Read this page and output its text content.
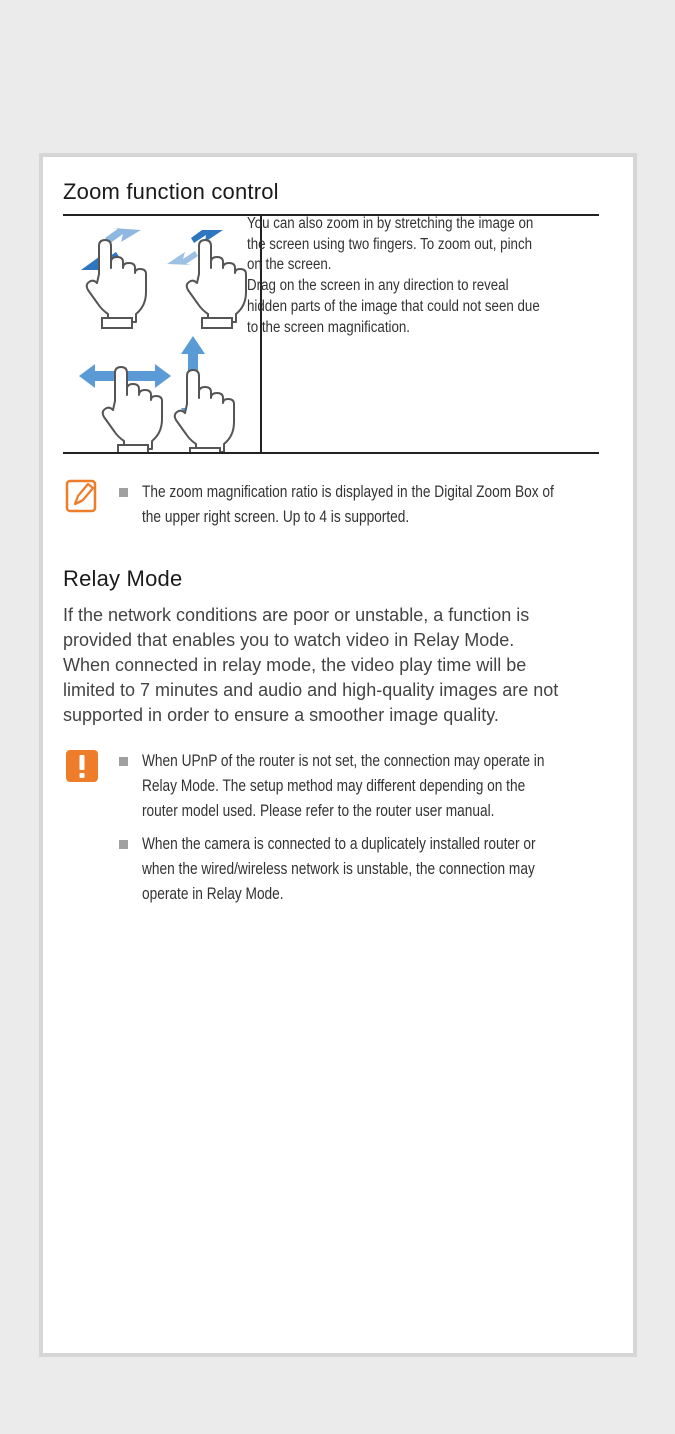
Zoom function control
You can also zoom in by stretching the image on
the screen using two fingers. To zoom out, pinch
on the screen.
Drag on the screen in any direction to reveal
hidden parts of the image that could not seen due
to the screen magnification.
The zoom magnification ratio is displayed in the Digital Zoom Box of
the upper right screen. Up to 4 is supported.
Relay Mode
If the network conditions are poor or unstable, a function is
provided that enables you to watch video in Relay Mode.
When connected in relay mode, the video play time will be
limited to 7 minutes and audio and high-quality images are not
supported in order to ensure a smoother image quality.
When UPnP of the router is not set, the connection may operate in
Relay Mode. The setup method may different depending on the
router model used. Please refer to the router user manual.
When the camera is connected to a duplicately installed router or
when the wired/wireless network is unstable, the connection may
operate in Relay Mode.
